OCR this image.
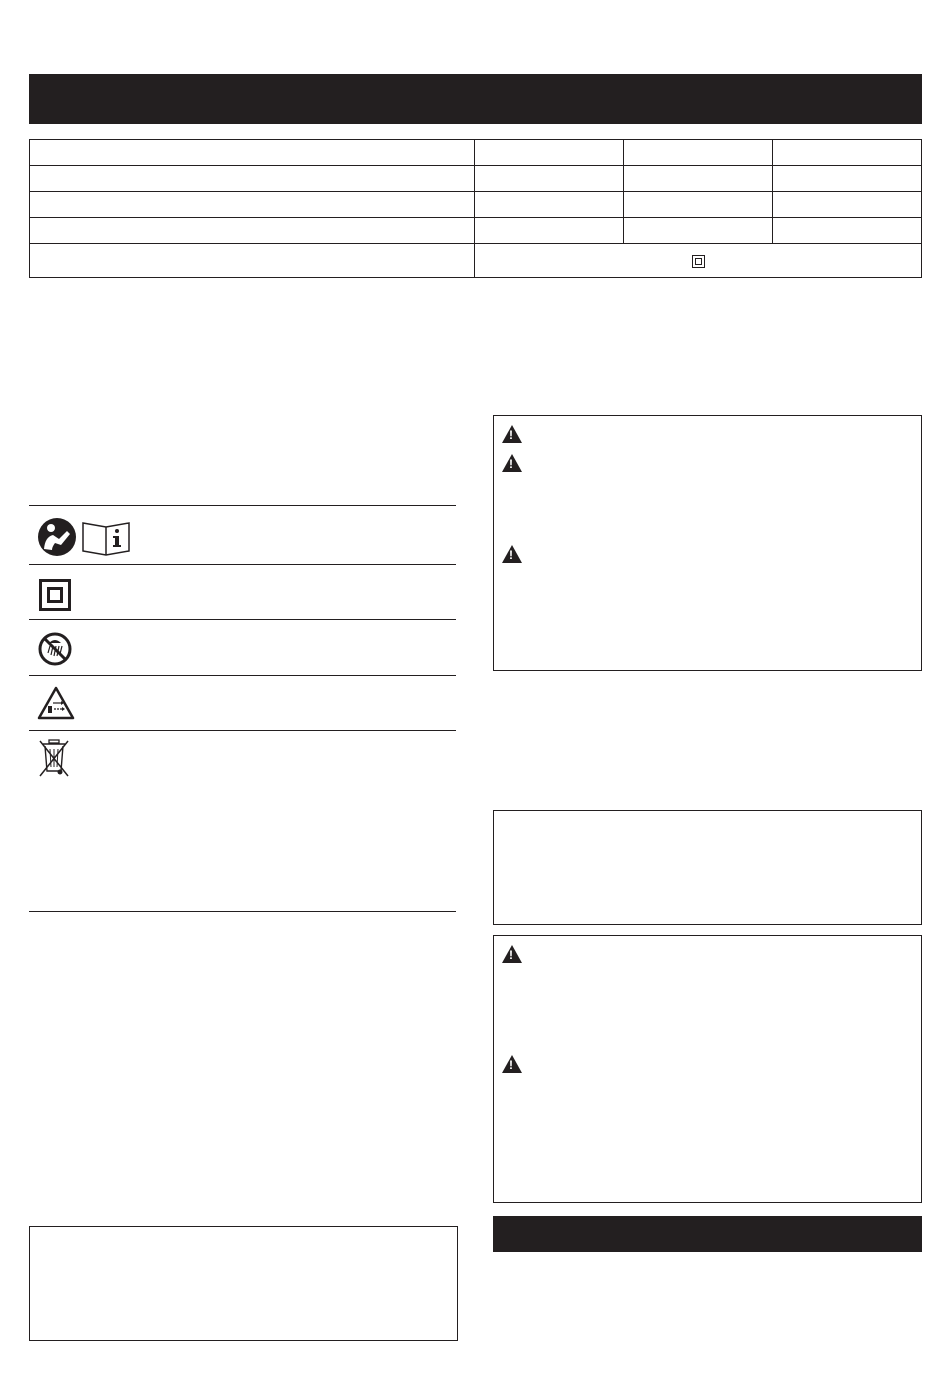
!
!
!
!
!
